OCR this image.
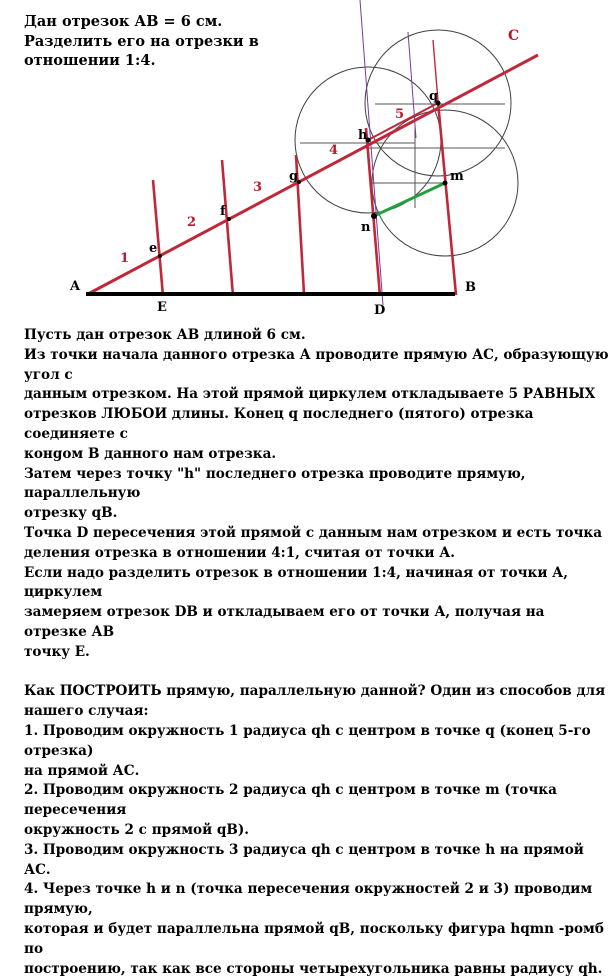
Дан отрезок АВ = 6 см.
Разделить его на отрезки в
отношении 1:4.
A	B
C
D
E
e
f
g
h
q
m
n
1
2
3
4
5

Пусть дан отрезок АВ длиной 6 см.

Из точки начала данного отрезка А проводите прямую АС, образующую угол с

данным отрезком. На этой прямой циркулем откладываете 5 РАВНЫХ

отрезков ЛЮБОИ длины. Конец q последнего (пятого) отрезка соединяете с

конgом В данного нам отрезка.

Затем через точку "h" последнего отрезка проводите прямую, параллельную

отрезку qВ.

Точка D пересечения этой прямой с данным нам отрезком и есть точка

деления отрезка в отношении 4:1, считая от точки А.

Если надо разделить отрезок в отношении 1:4, начиная от точки А, циркулем

замеряем отрезок DВ и откладываем его от точки А, получая на отрезке АВ

точку Е.

Как ПОСТРОИТЬ прямую, параллельную данной? Один из способов для

нашего случая:

1. Проводим окружность 1 радиуса qh с центром в точке q (конец 5-го отрезка)

на прямой АС.

2. Проводим окружность 2 радиуса qh с центром в точке m (точка пересечения

окружность 2 с прямой qВ).

3. Проводим окружность 3 радиуса qh с центром в точке h на прямой АС.

4. Через точке h и n (точка пересечения окружностей 2 и 3) проводим прямую,

которая и будет параллельна прямой qВ, поскольку фигура hqmn -ромб по

построению, так как все стороны четырехугольника равны радиусу qh.
